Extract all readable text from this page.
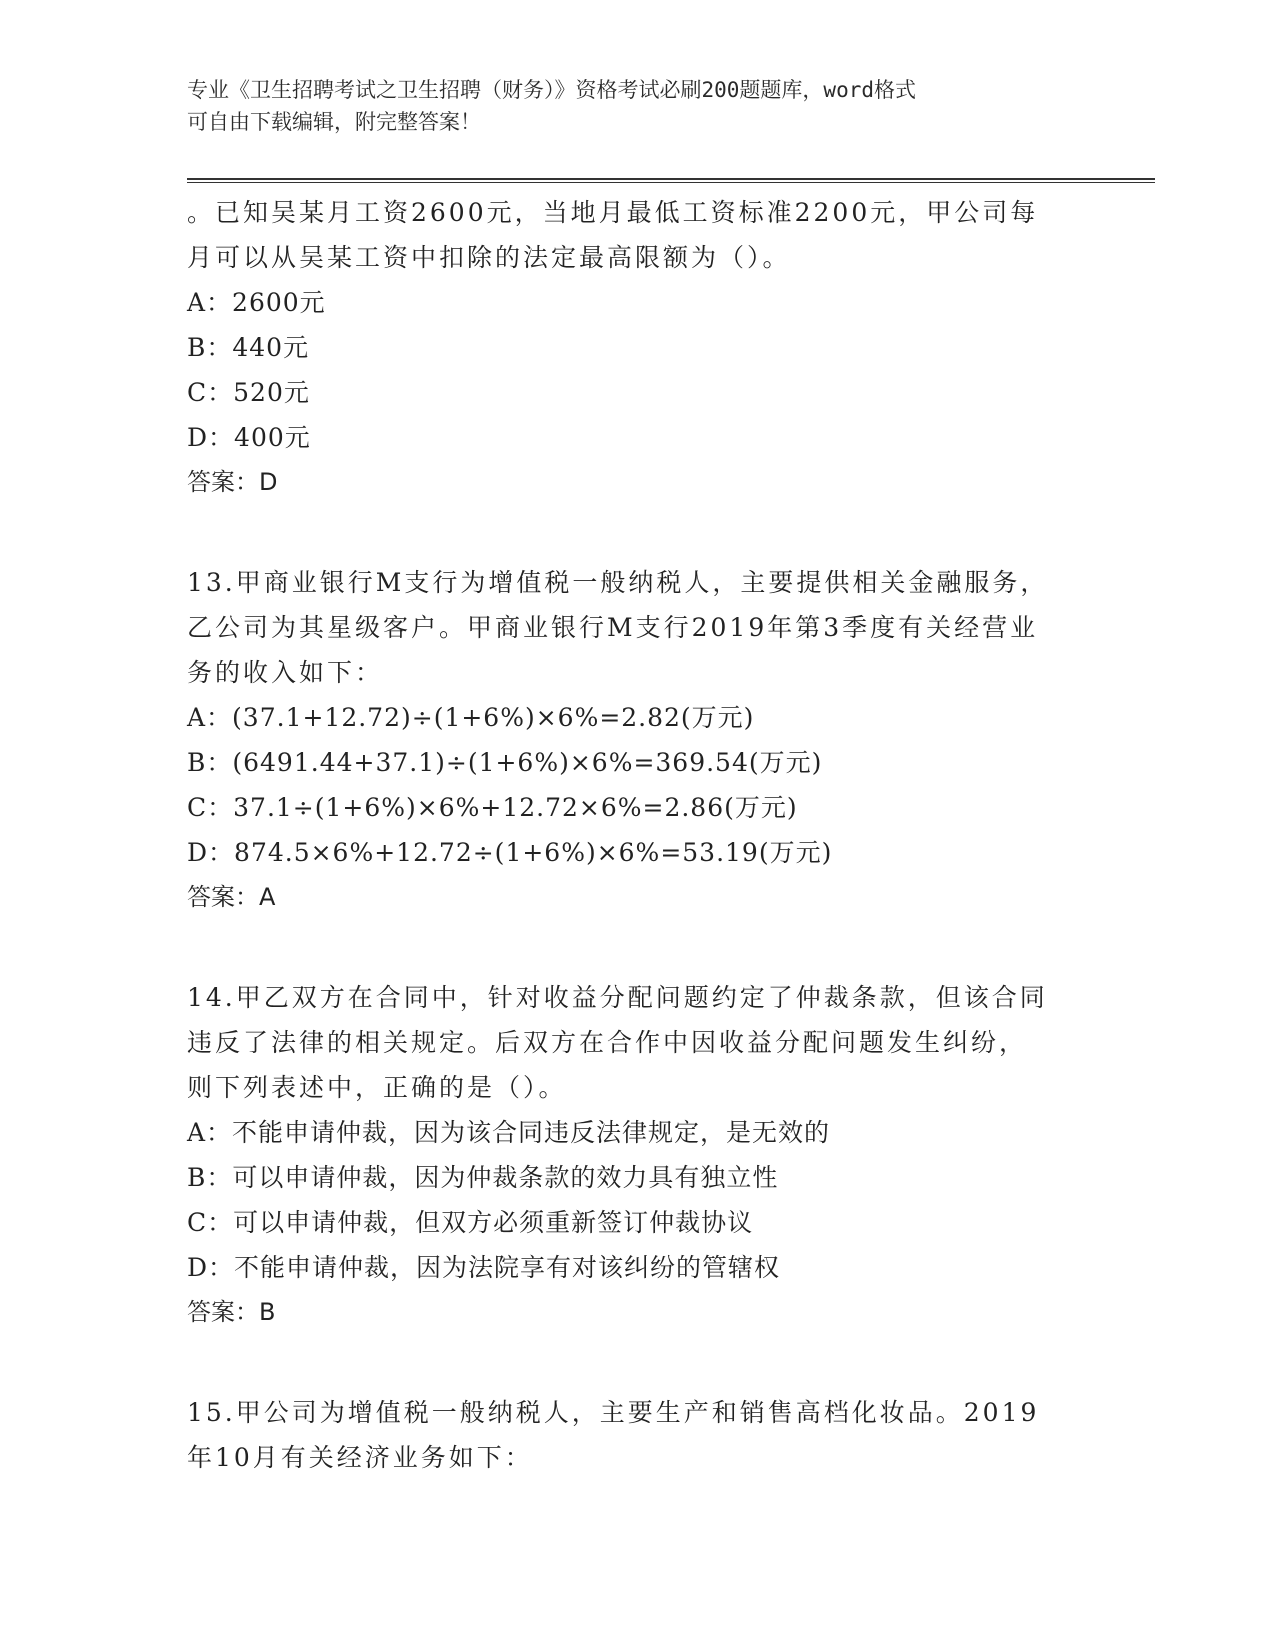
专业《卫生招聘考试之卫生招聘（财务）》资格考试必刷200题题库，word格式
可自由下载编辑，附完整答案！
。已知吴某月工资2600元，当地月最低工资标准2200元，甲公司每
月可以从吴某工资中扣除的法定最高限额为（）。
A：2600元
B：440元
C：520元
D：400元
答案：D
13.甲商业银行M支行为增值税一般纳税人，主要提供相关金融服务，
乙公司为其星级客户。甲商业银行M支行2019年第3季度有关经营业
务的收入如下：
A：(37.1+12.72)÷(1+6%)×6%=2.82(万元)
B：(6491.44+37.1)÷(1+6%)×6%=369.54(万元)
C：37.1÷(1+6%)×6%+12.72×6%=2.86(万元)
D：874.5×6%+12.72÷(1+6%)×6%=53.19(万元)
答案：A
14.甲乙双方在合同中，针对收益分配问题约定了仲裁条款，但该合同
违反了法律的相关规定。后双方在合作中因收益分配问题发生纠纷，
则下列表述中，正确的是（）。
A：不能申请仲裁，因为该合同违反法律规定，是无效的
B：可以申请仲裁，因为仲裁条款的效力具有独立性
C：可以申请仲裁，但双方必须重新签订仲裁协议
D：不能申请仲裁，因为法院享有对该纠纷的管辖权
答案：B
15.甲公司为增值税一般纳税人，主要生产和销售高档化妆品。2019
年10月有关经济业务如下：
